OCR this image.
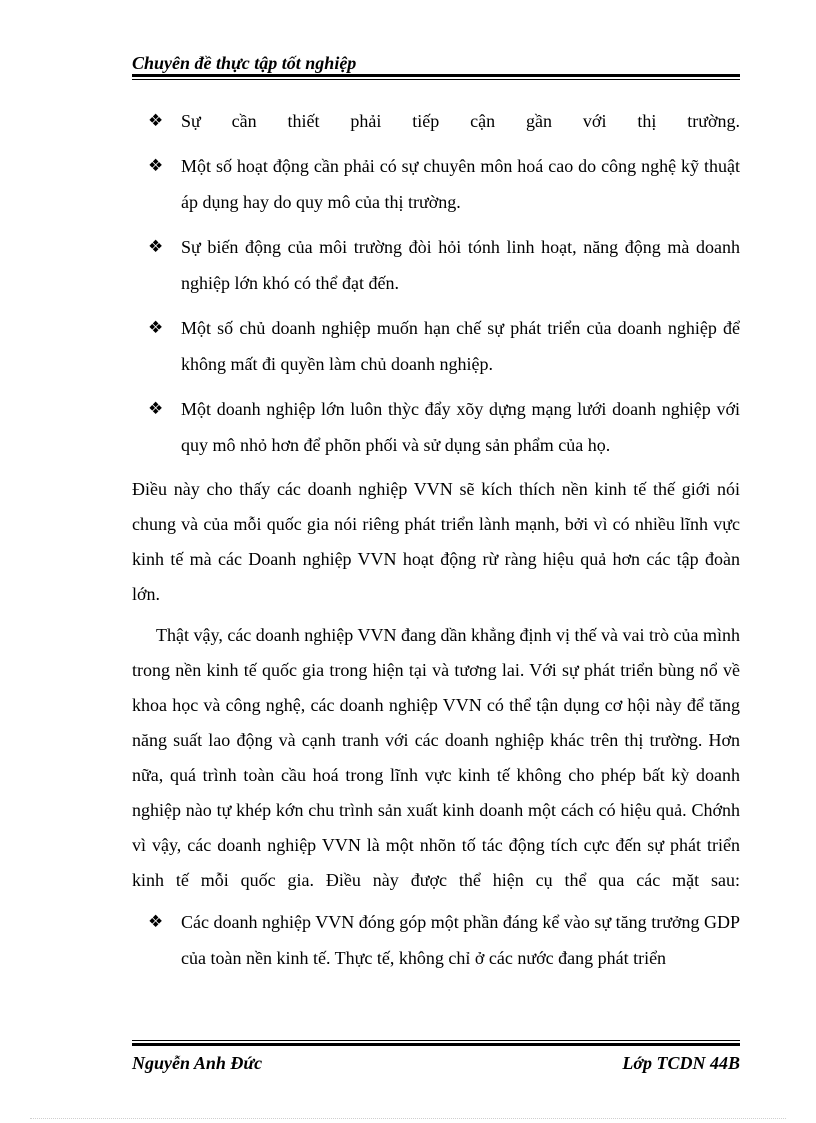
Chuyên đề thực tập tốt nghiệp
❖ Sự cần thiết phải tiếp cận gần với thị trường.
❖ Một số hoạt động cần phải có sự chuyên môn hoá cao do công nghệ kỹ thuật áp dụng hay do quy mô của thị trường.
❖ Sự biến động của môi trường đòi hỏi tónh linh hoạt, năng động mà doanh nghiệp lớn khó có thể đạt đến.
❖ Một số chủ doanh nghiệp muốn hạn chế sự phát triển của doanh nghiệp để không mất đi quyền làm chủ doanh nghiệp.
❖ Một doanh nghiệp lớn luôn thỳc đẩy xõy dựng mạng lưới doanh nghiệp với quy mô nhỏ hơn để phõn phối và sử dụng sản phẩm của họ.

Điều này cho thấy các doanh nghiệp VVN sẽ kích thích nền kinh tế thế giới nói chung và của mỗi quốc gia nói riêng phát triển lành mạnh, bởi vì có nhiều lĩnh vực kinh tế mà các Doanh nghiệp VVN hoạt động rừ ràng hiệu quả hơn các tập đoàn lớn.

Thật vậy, các doanh nghiệp VVN đang dần khẳng định vị thế và vai trò của mình trong nền kinh tế quốc gia trong hiện tại và tương lai. Với sự phát triển bùng nổ về khoa học và công nghệ, các doanh nghiệp VVN có thể tận dụng cơ hội này để tăng năng suất lao động và cạnh tranh với các doanh nghiệp khác trên thị trường. Hơn nữa, quá trình toàn cầu hoá trong lĩnh vực kinh tế không cho phép bất kỳ doanh nghiệp nào tự khép kớn chu trình sản xuất kinh doanh một cách có hiệu quả. Chớnh vì vậy, các doanh nghiệp VVN là một nhõn tố tác động tích cực đến sự phát triển kinh tế mỗi quốc gia. Điều này được thể hiện cụ thể qua các mặt sau:

❖ Các doanh nghiệp VVN đóng góp một phần đáng kể vào sự tăng trưởng GDP của toàn nền kinh tế. Thực tế, không chỉ ở các nước đang phát triển
Nguyễn Anh Đức	Lớp TCDN 44B
